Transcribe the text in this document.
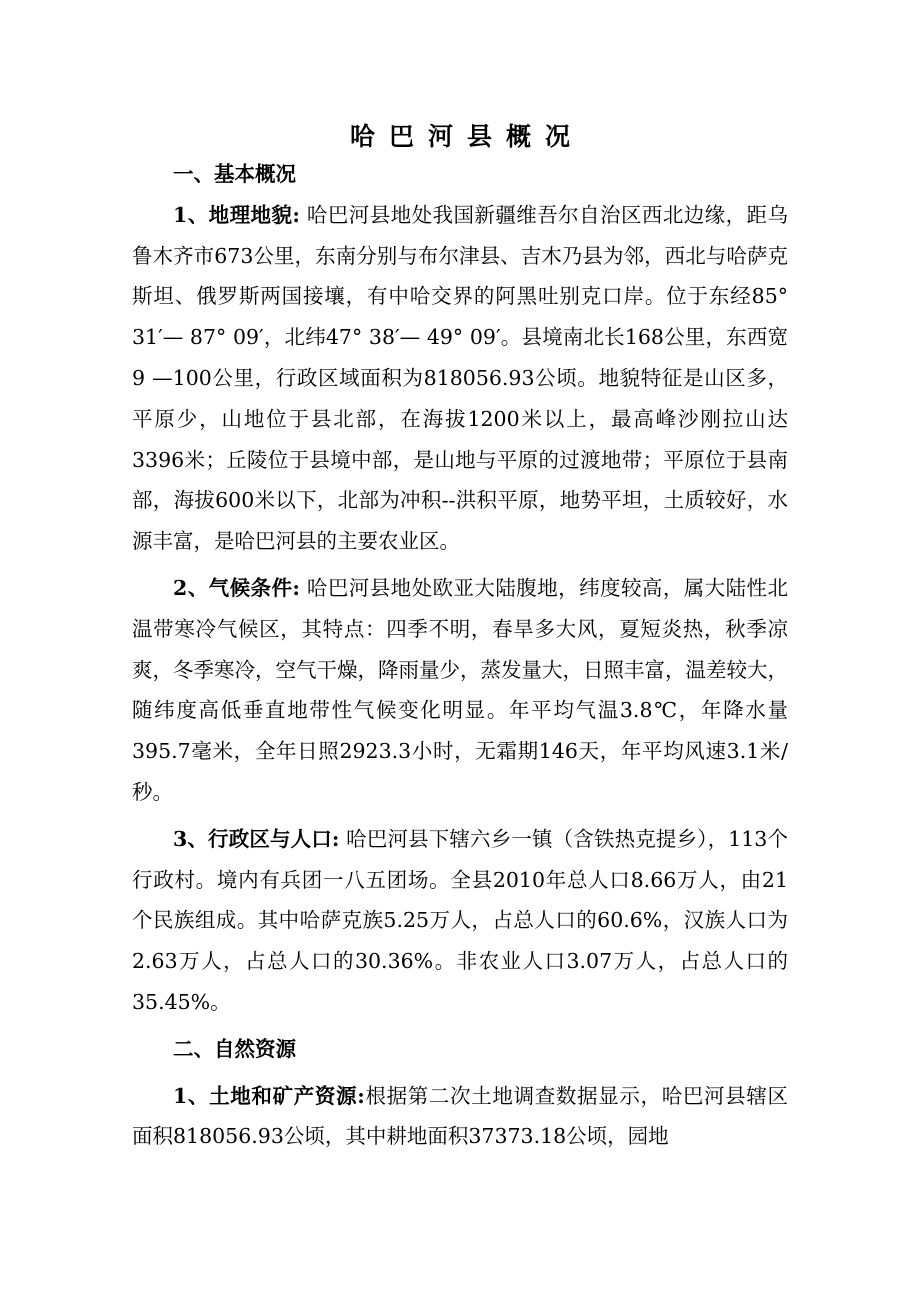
哈巴河县概况

一、基本概况

1、地理地貌: 哈巴河县地处我国新疆维吾尔自治区西北边缘，距乌鲁木齐市673公里，东南分别与布尔津县、吉木乃县为邻，西北与哈萨克斯坦、俄罗斯两国接壤，有中哈交界的阿黑吐别克口岸。位于东经85° 31′— 87° 09′，北纬47° 38′— 49° 09′。县境南北长168公里，东西宽9 —100公里，行政区域面积为818056.93公顷。地貌特征是山区多，平原少，山地位于县北部，在海拔1200米以上，最高峰沙刚拉山达3396米；丘陵位于县境中部，是山地与平原的过渡地带；平原位于县南部，海拔600米以下，北部为冲积--洪积平原，地势平坦，土质较好，水源丰富，是哈巴河县的主要农业区。

2、气候条件: 哈巴河县地处欧亚大陆腹地，纬度较高，属大陆性北温带寒冷气候区，其特点：四季不明，春旱多大风，夏短炎热，秋季凉爽，冬季寒冷，空气干燥，降雨量少，蒸发量大，日照丰富，温差较大，随纬度高低垂直地带性气候变化明显。年平均气温3.8℃，年降水量395.7毫米，全年日照2923.3小时，无霜期146天，年平均风速3.1米/秒。

3、行政区与人口: 哈巴河县下辖六乡一镇（含铁热克提乡），113个行政村。境内有兵团一八五团场。全县2010年总人口8.66万人，由21个民族组成。其中哈萨克族5.25万人，占总人口的60.6%，汉族人口为2.63万人，占总人口的30.36%。非农业人口3.07万人，占总人口的35.45%。

二、自然资源

1、土地和矿产资源:根据第二次土地调查数据显示，哈巴河县辖区面积818056.93公顷，其中耕地面积37373.18公顷，园地
